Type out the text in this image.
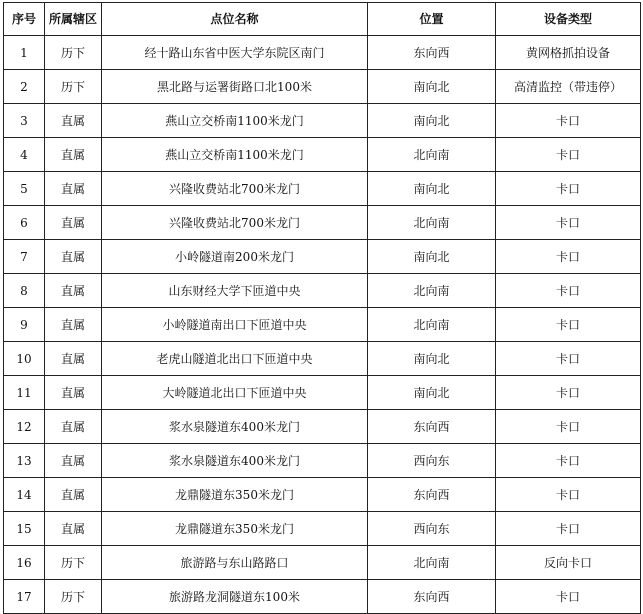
序号	所属辖区	点位名称	位置	设备类型
1	历下	经十路山东省中医大学东院区南门	东向西	黄网格抓拍设备
2	历下	黑北路与运署街路口北100米	南向北	高清监控（带违停）
3	直属	燕山立交桥南1100米龙门	南向北	卡口
4	直属	燕山立交桥南1100米龙门	北向南	卡口
5	直属	兴隆收费站北700米龙门	南向北	卡口
6	直属	兴隆收费站北700米龙门	北向南	卡口
7	直属	小岭隧道南200米龙门	南向北	卡口
8	直属	山东财经大学下匝道中央	北向南	卡口
9	直属	小岭隧道南出口下匝道中央	北向南	卡口
10	直属	老虎山隧道北出口下匝道中央	南向北	卡口
11	直属	大岭隧道北出口下匝道中央	南向北	卡口
12	直属	浆水泉隧道东400米龙门	东向西	卡口
13	直属	浆水泉隧道东400米龙门	西向东	卡口
14	直属	龙鼎隧道东350米龙门	东向西	卡口
15	直属	龙鼎隧道东350米龙门	西向东	卡口
16	历下	旅游路与东山路路口	北向南	反向卡口
17	历下	旅游路龙洞隧道东100米	东向西	卡口
